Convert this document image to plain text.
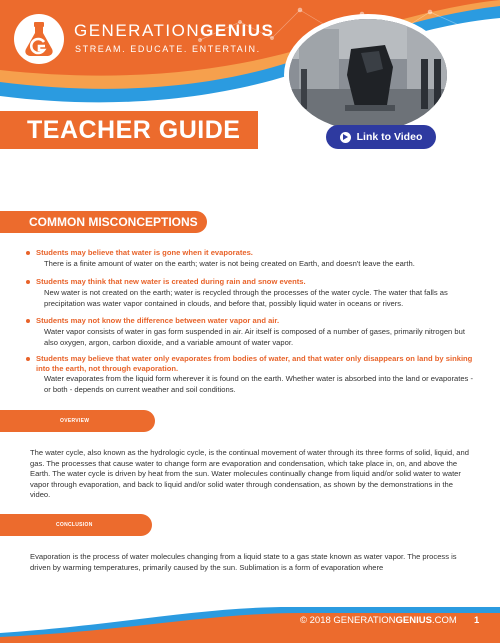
GENERATIONGENIUS
STREAM. EDUCATE. ENTERTAIN.
Link to Video
TEACHER GUIDE
COMMON MISCONCEPTIONS
Students may believe that water is gone when it evaporates.
There is a finite amount of water on the earth; water is not being created on Earth, and doesn't leave the earth.
Students may think that new water is created during rain and snow events.
New water is not created on the earth; water is recycled through the processes of the water cycle. The water that falls as precipitation was water vapor contained in clouds, and before that, possibly liquid water in oceans or rivers.
Students may not know the difference between water vapor and air.
Water vapor consists of water in gas form suspended in air. Air itself is composed of a number of gases, primarily nitrogen but also oxygen, argon, carbon dioxide, and a variable amount of water vapor.
Students may believe that water only evaporates from bodies of water, and that water only disappears on land by sinking into the earth, not through evaporation.
Water evaporates from the liquid form wherever it is found on the earth. Whether water is absorbed into the land or evaporates - or both - depends on current weather and soil conditions.
OVERVIEW
The water cycle, also known as the hydrologic cycle, is the continual movement of water through its three forms of solid, liquid, and gas. The processes that cause water to change form are evaporation and condensation, which take place in, on, and above the Earth. The water cycle is driven by heat from the sun. Water molecules continually change from liquid and/or solid water to water vapor through evaporation, and back to liquid and/or solid water through condensation, as shown by the demonstrations in the video.
CONCLUSION
Evaporation is the process of water molecules changing from a liquid state to a gas state known as water vapor. The process is driven by warming temperatures, primarily caused by the sun. Sublimation is a form of evaporation where
© 2018 GENERATIONGENIUS.COM 1
